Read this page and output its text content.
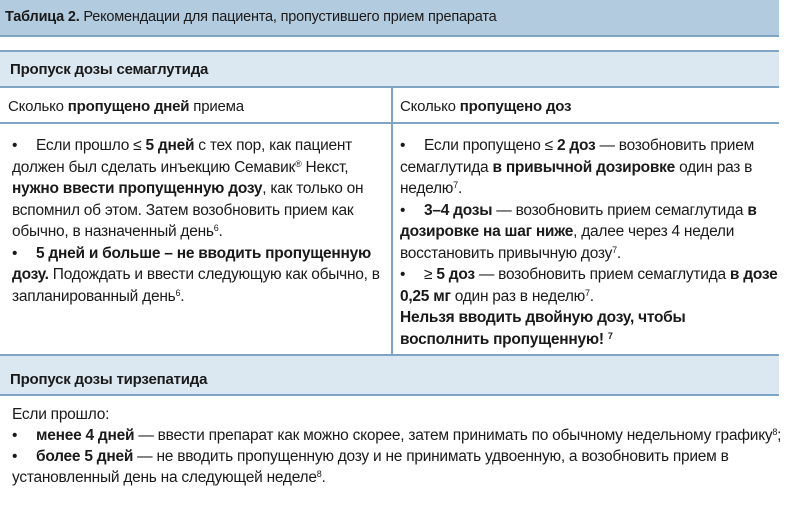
Таблица 2. Рекомендации для пациента, пропустившего прием препарата
Пропуск дозы семаглутида
Сколько пропущено дней приема	Сколько пропущено доз
• Если прошло ≤ 5 дней с тех пор, как пациент должен был сделать инъекцию Семавик® Некст, нужно ввести пропущенную дозу, как только он вспомнил об этом. Затем возобновить прием как обычно, в назначенный день$^6$.
• 5 дней и больше – не вводить пропущенную дозу. Подождать и ввести следующую как обычно, в запланированный день$^6$.
• Если пропущено ≤ 2 доз — возобновить прием семаглутида в привычной дозировке один раз в неделю$^7$.
• 3–4 дозы — возобновить прием семаглутида в дозировке на шаг ниже, далее через 4 недели восстановить привычную дозу$^7$.
• ≥ 5 доз — возобновить прием семаглутида в дозе 0,25 мг один раз в неделю$^7$.
Нельзя вводить двойную дозу, чтобы восполнить пропущенную! $^7$
Пропуск дозы тирзепатида
Если прошло:
• менее 4 дней — ввести препарат как можно скорее, затем принимать по обычному недельному графику$^8$;
• более 5 дней — не вводить пропущенную дозу и не принимать удвоенную, а возобновить прием в установленный день на следующей неделе$^8$.
